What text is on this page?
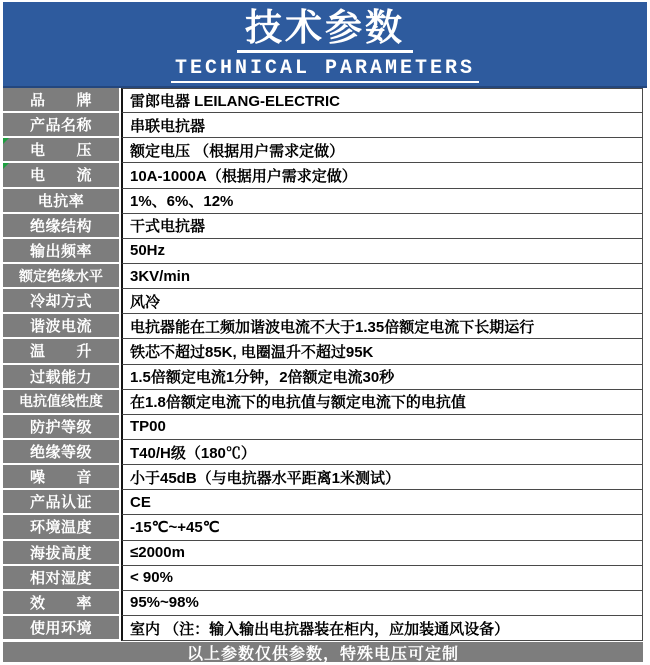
技术参数
TECHNICAL PARAMETERS
品　　牌	雷郎电器 LEILANG-ELECTRIC
产品名称	串联电抗器
电　　压	额定电压 （根据用户需求定做）
电　　流	10A-1000A（根据用户需求定做）
电抗率	1%、6%、12%
绝缘结构	干式电抗器
输出频率	50Hz
额定绝缘水平	3KV/min
冷却方式	风冷
谐波电流	电抗器能在工频加谐波电流不大于1.35倍额定电流下长期运行
温　　升	铁芯不超过85K, 电圈温升不超过95K
过载能力	1.5倍额定电流1分钟，2倍额定电流30秒
电抗值线性度	在1.8倍额定电流下的电抗值与额定电流下的电抗值
防护等级	TP00
绝缘等级	T40/H级（180℃）
噪　　音	小于45dB（与电抗器水平距离1米测试）
产品认证	CE
环境温度	-15℃~+45℃
海拔高度	≤2000m
相对湿度	< 90%
效　　率	95%~98%
使用环境	室内 （注：输入输出电抗器装在柜内，应加装通风设备）
以上参数仅供参数，特殊电压可定制
